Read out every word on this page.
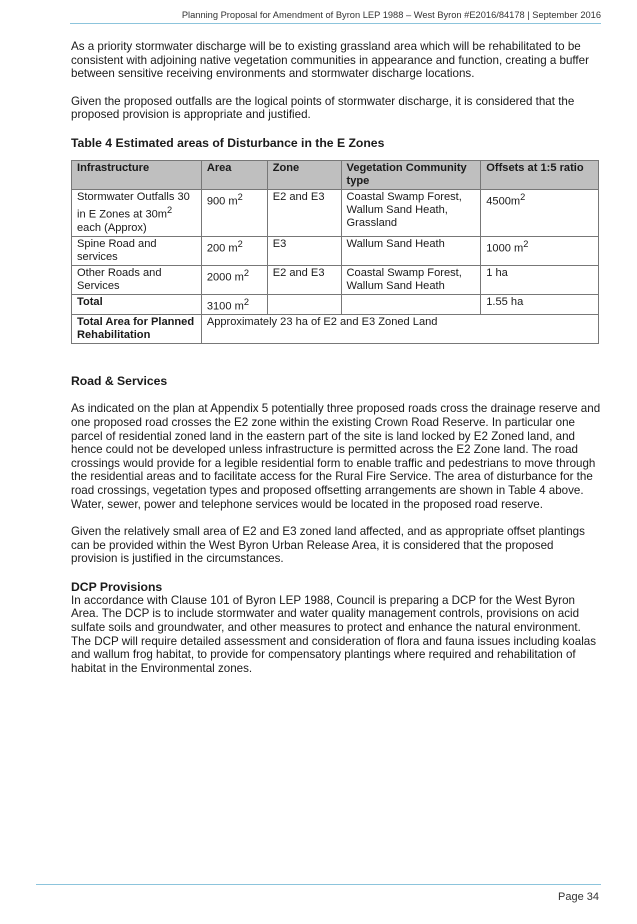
Planning Proposal for Amendment of Byron LEP 1988 – West Byron #E2016/84178 | September 2016

As a priority stormwater discharge will be to existing grassland area which will be rehabilitated to be consistent with adjoining native vegetation communities in appearance and function, creating a buffer between sensitive receiving environments and stormwater discharge locations.

Given the proposed outfalls are the logical points of stormwater discharge, it is considered that the proposed provision is appropriate and justified.

Table 4 Estimated areas of Disturbance in the E Zones
Infrastructure	Area	Zone	Vegetation Community type	Offsets at 1:5 ratio
Stormwater Outfalls 30 in E Zones at $30m^2$ each (Approx)	900 $m^2$	E2 and E3	Coastal Swamp Forest, Wallum Sand Heath, Grassland	$4500m^2$
Spine Road and services	200 $m^2$	E3	Wallum Sand Heath	1000 $m^2$
Other Roads and Services	2000 $m^2$	E2 and E3	Coastal Swamp Forest, Wallum Sand Heath	1 ha
Total	3100 $m^2$			1.55 ha
Total Area for Planned Rehabilitation	Approximately 23 ha of E2 and E3 Zoned Land			
Road & Services

As indicated on the plan at Appendix 5 potentially three proposed roads cross the drainage reserve and one proposed road crosses the E2 zone within the existing Crown Road Reserve. In particular one parcel of residential zoned land in the eastern part of the site is land locked by E2 Zoned land, and hence could not be developed unless infrastructure is permitted across the E2 Zone land. The road crossings would provide for a legible residential form to enable traffic and pedestrians to move through the residential areas and to facilitate access for the Rural Fire Service. The area of disturbance for the road crossings, vegetation types and proposed offsetting arrangements are shown in Table 4 above. Water, sewer, power and telephone services would be located in the proposed road reserve.

Given the relatively small area of E2 and E3 zoned land affected, and as appropriate offset plantings can be provided within the West Byron Urban Release Area, it is considered that the proposed provision is justified in the circumstances.

DCP Provisions

In accordance with Clause 101 of Byron LEP 1988, Council is preparing a DCP for the West Byron Area. The DCP is to include stormwater and water quality management controls, provisions on acid sulfate soils and groundwater, and other measures to protect and enhance the natural environment. The DCP will require detailed assessment and consideration of flora and fauna issues including koalas and wallum frog habitat, to provide for compensatory plantings where required and rehabilitation of habitat in the Environmental zones.

Page 34
